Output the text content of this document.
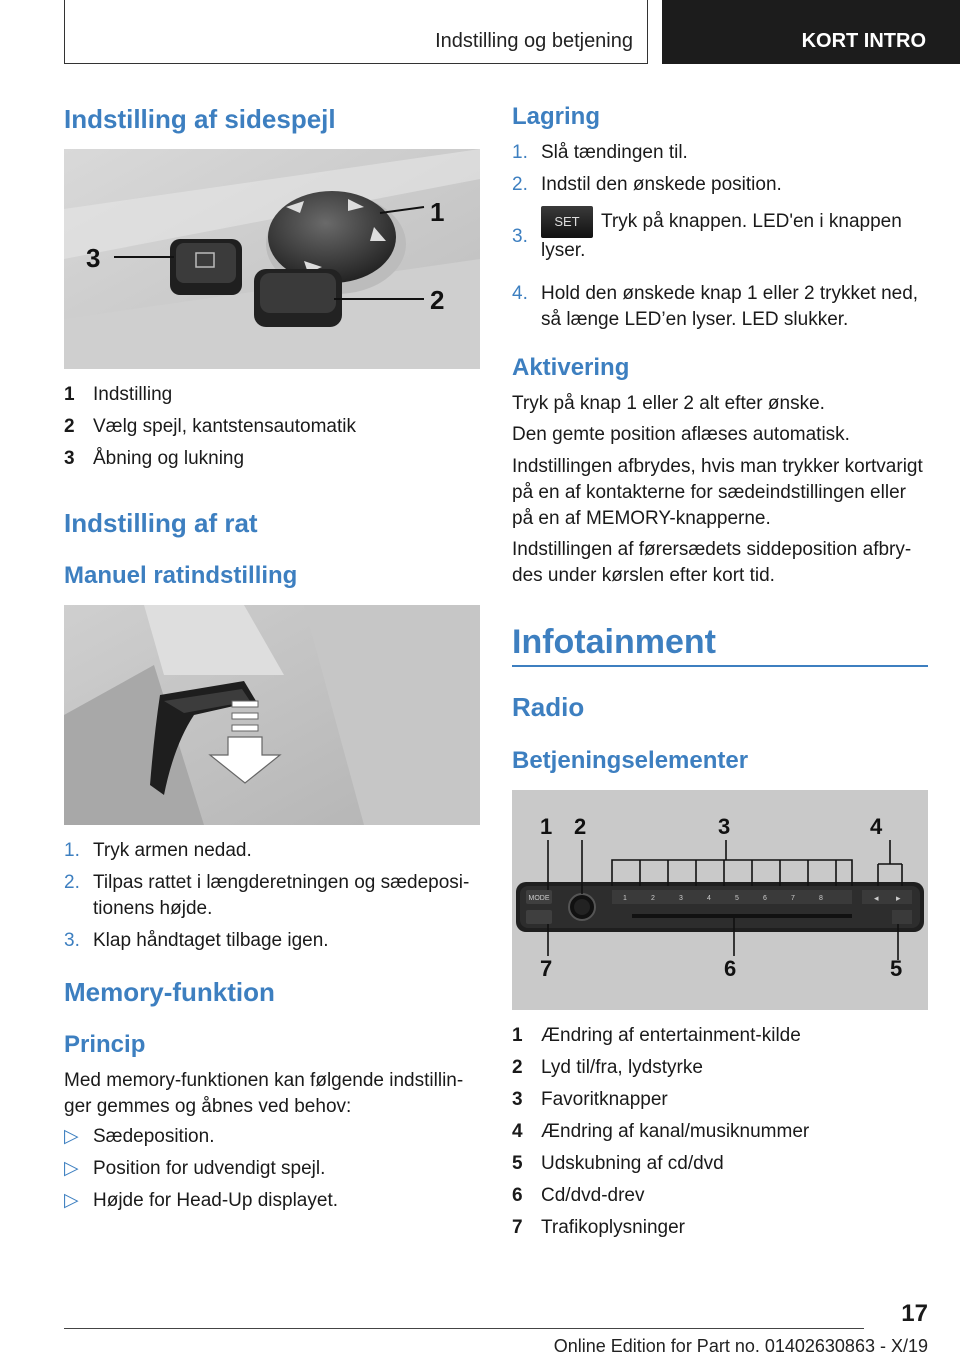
Indstilling og betjening	KORT INTRO
Indstilling af sidespejl
1
2
3
1 Indstilling
2 Vælg spejl, kantstensautomatik
3 Åbning og lukning
Indstilling af rat
Manuel ratindstilling
1. Tryk armen nedad.
2. Tilpas rattet i længderetningen og sædeposi-tionens højde.
3. Klap håndtaget tilbage igen.
Memory-funktion
Princip

Med memory-funktionen kan følgende indstillin-ger gemmes og åbnes ved behov:

▷ Sædeposition.
▷ Position for udvendigt spejl.
▷ Højde for Head-Up displayet.
Lagring
1. Slå tændingen til.
2. Indstil den ønskede position.
3.
SET Tryk på knappen. LED'en i knappen lyser.
4. Hold den ønskede knap 1 eller 2 trykket ned, så længe LED’en lyser. LED slukker.
Aktivering

Tryk på knap 1 eller 2 alt efter ønske.

Den gemte position aflæses automatisk.

Indstillingen afbrydes, hvis man trykker kortvarigt på en af kontakterne for sædeindstillingen eller på en af MEMORY-knapperne.

Indstillingen af førersædets siddeposition afbry-des under kørslen efter kort tid.

Infotainment
Radio
Betjeningselementer
MODE	1	2	3	4	5	6	7	8	◂ ▸
1 2	3	4
5
6
7
1 Ændring af entertainment-kilde
2 Lyd til/fra, lydstyrke
3 Favoritknapper
4 Ændring af kanal/musiknummer
5 Udskubning af cd/dvd
6 Cd/dvd-drev
7 Trafikoplysninger
17
Online Edition for Part no. 01402630863 - X/19
